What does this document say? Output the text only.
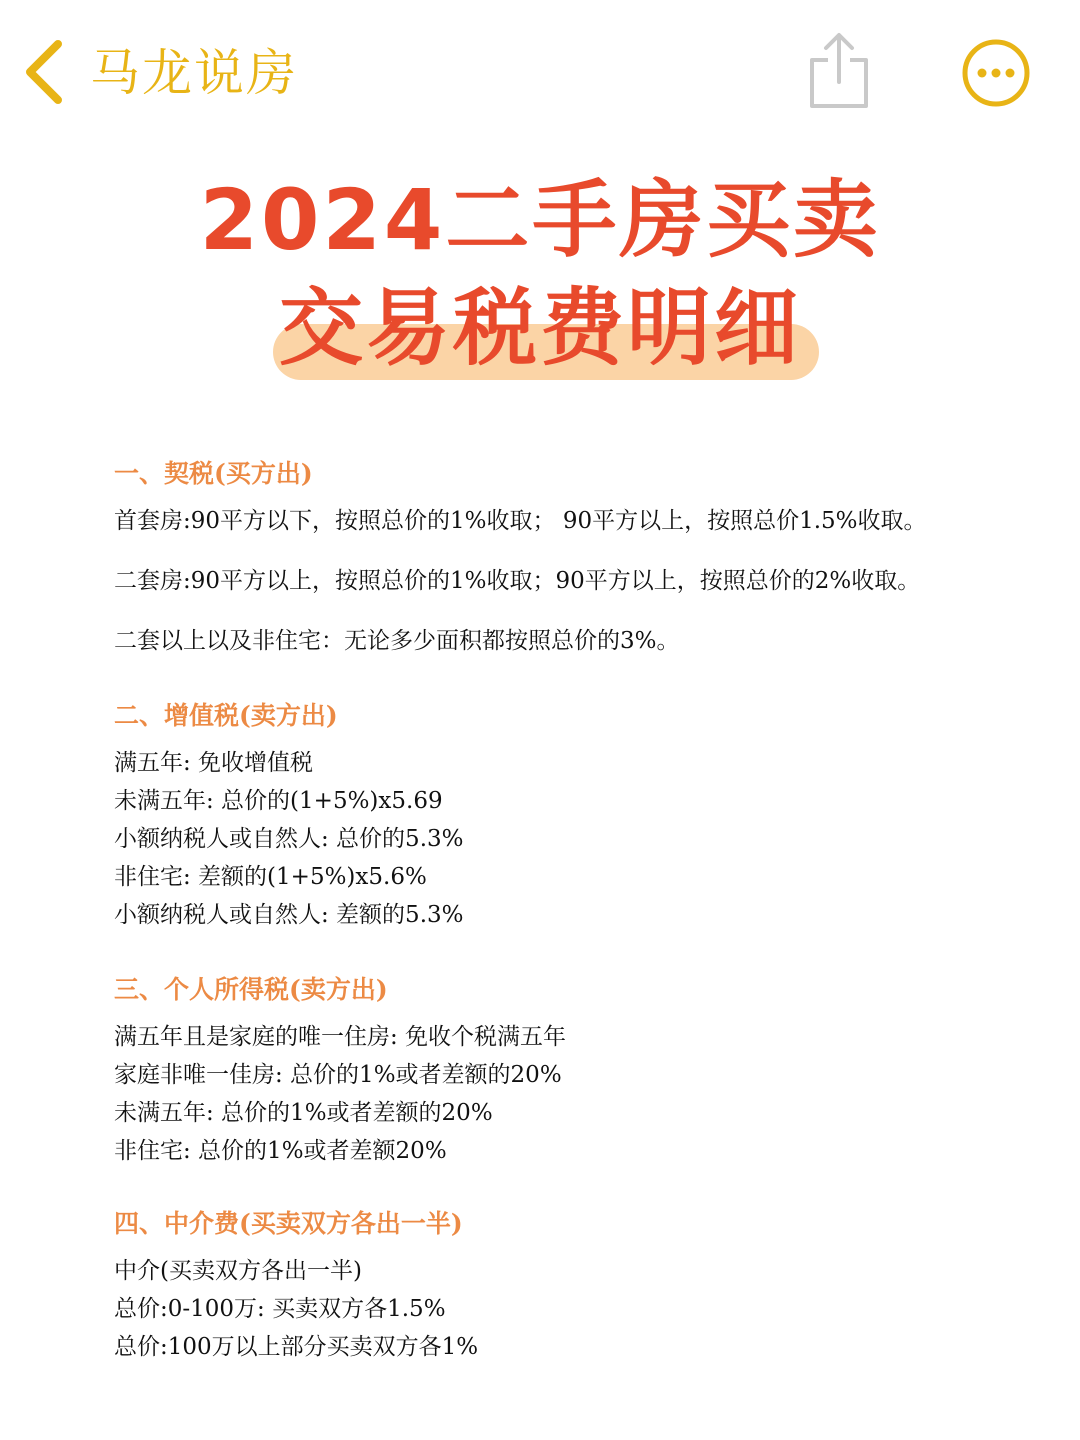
马龙说房
2024二手房买卖
交易税费明细
一、契税(买方出)
首套房:90平方以下，按照总价的1%收取； 90平方以上，按照总价1.5%收取。
二套房:90平方以上，按照总价的1%收取；90平方以上，按照总价的2%收取。
二套以上以及非住宅：无论多少面积都按照总价的3%。
二、增值税(卖方出)
满五年: 免收增值税
未满五年: 总价的(1+5%)x5.69
小额纳税人或自然人: 总价的5.3%
非住宅: 差额的(1+5%)x5.6%
小额纳税人或自然人: 差额的5.3%
三、个人所得税(卖方出)
满五年且是家庭的唯一住房: 免收个税满五年
家庭非唯一佳房: 总价的1%或者差额的20%
未满五年: 总价的1%或者差额的20%
非住宅: 总价的1%或者差额20%
四、中介费(买卖双方各出一半)
中介(买卖双方各出一半)
总价:0-100万: 买卖双方各1.5%
总价:100万以上部分买卖双方各1%
